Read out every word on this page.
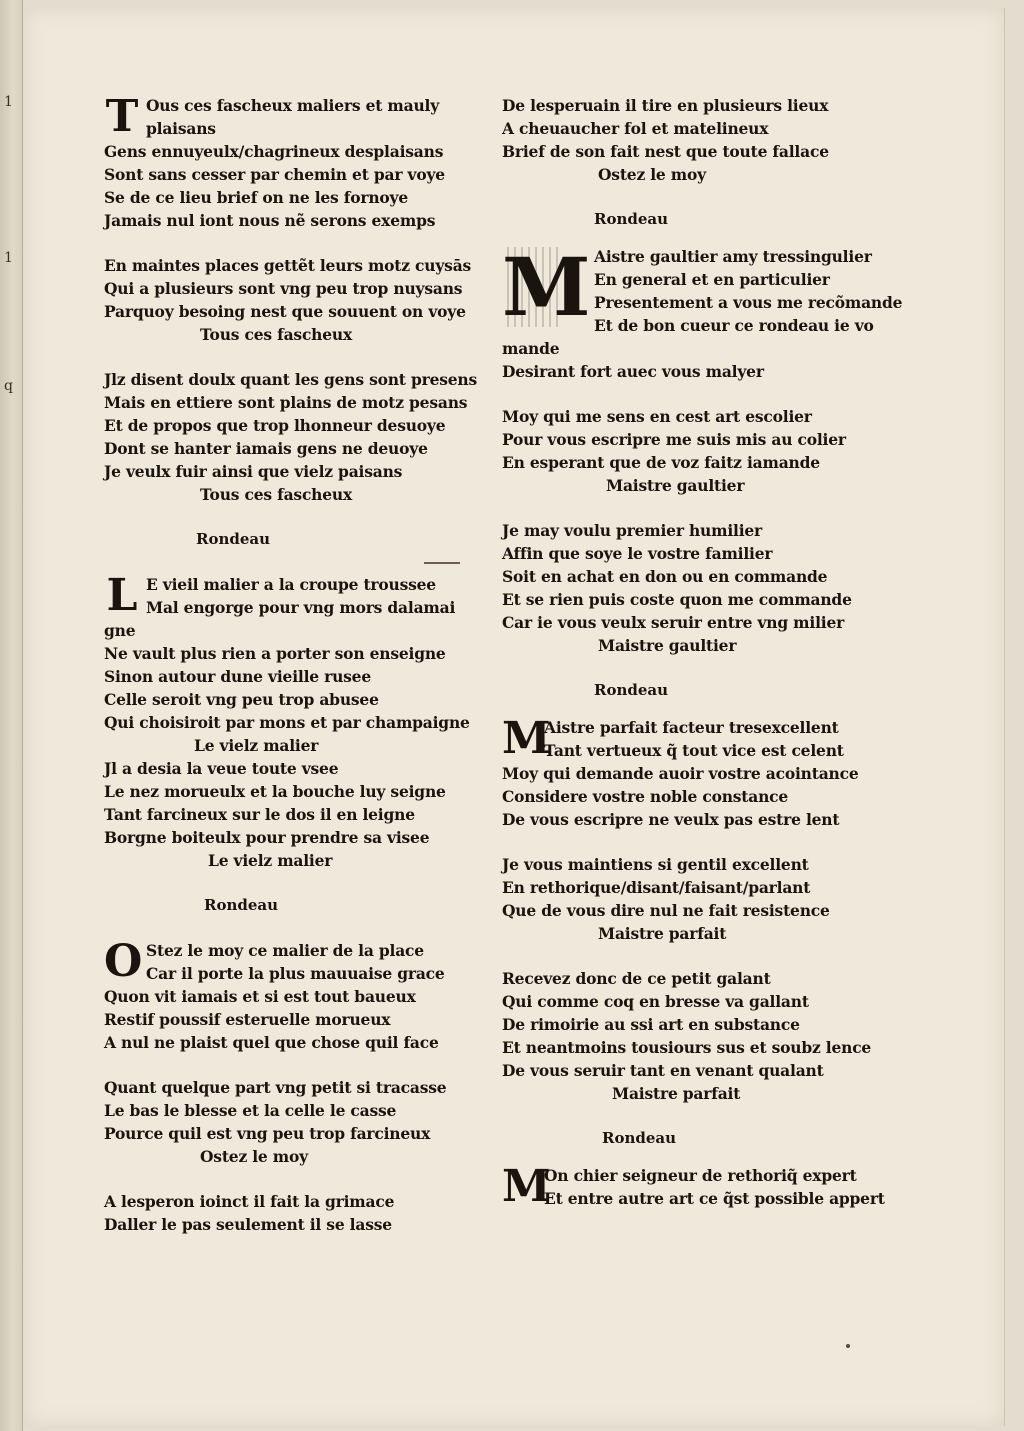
1
1
q
T Ous ces fascheux maliers et mauly
plaisans
Gens ennuyeulx/chagrineux desplaisans
Sont sans cesser par chemin et par voye
Se de ce lieu brief on ne les fornoye
Jamais nul iont nous nẽ serons exemps
En maintes places gettẽt leurs motz cuysās
Qui a plusieurs sont vng peu trop nuysans
Parquoy besoing nest que souuent on voye
Tous ces fascheux
Jlz disent doulx quant les gens sont presens
Mais en ettiere sont plains de motz pesans
Et de propos que trop lhonneur desuoye
Dont se hanter iamais gens ne deuoye
Je veulx fuir ainsi que vielz paisans
Tous ces fascheux
Rondeau
L E vieil malier a la croupe troussee
Mal engorge pour vng mors dalamai
gne
Ne vault plus rien a porter son enseigne
Sinon autour dune vieille rusee
Celle seroit vng peu trop abusee
Qui choisiroit par mons et par champaigne
Le vielz malier
Jl a desia la veue toute vsee
Le nez morueulx et la bouche luy seigne
Tant farcineux sur le dos il en leigne
Borgne boiteulx pour prendre sa visee
Le vielz malier
Rondeau
O Stez le moy ce malier de la place
Car il porte la plus mauuaise grace
Quon vit iamais et si est tout baueux
Restif poussif esteruelle morueux
A nul ne plaist quel que chose quil face
Quant quelque part vng petit si tracasse
Le bas le blesse et la celle le casse
Pource quil est vng peu trop farcineux
Ostez le moy
A lesperon ioinct il fait la grimace
Daller le pas seulement il se lasse
De lesperuain il tire en plusieurs lieux
A cheuaucher fol et matelineux
Brief de son fait nest que toute fallace
Ostez le moy
Rondeau
M Aistre gaultier amy tressingulier
En general et en particulier
Presentement a vous me recõmande
Et de bon cueur ce rondeau ie vo
mande
Desirant fort auec vous malyer
Moy qui me sens en cest art escolier
Pour vous escripre me suis mis au colier
En esperant que de voz faitz iamande
Maistre gaultier
Je may voulu premier humilier
Affin que soye le vostre familier
Soit en achat en don ou en commande
Et se rien puis coste quon me commande
Car ie vous veulx seruir entre vng milier
Maistre gaultier
Rondeau
M
Aistre parfait facteur tresexcellent
Tant vertueux q̃ tout vice est celent
Moy qui demande auoir vostre acointance
Considere vostre noble constance
De vous escripre ne veulx pas estre lent
Je vous maintiens si gentil excellent
En rethorique/disant/faisant/parlant
Que de vous dire nul ne fait resistence
Maistre parfait
Recevez donc de ce petit galant
Qui comme coq en bresse va gallant
De rimoirie au ssi art en substance
Et neantmoins tousiours sus et soubz lence
De vous seruir tant en venant qualant
Maistre parfait
Rondeau
M
On chier seigneur de rethoriq̃ expert
Et entre autre art ce q̃st possible appert
